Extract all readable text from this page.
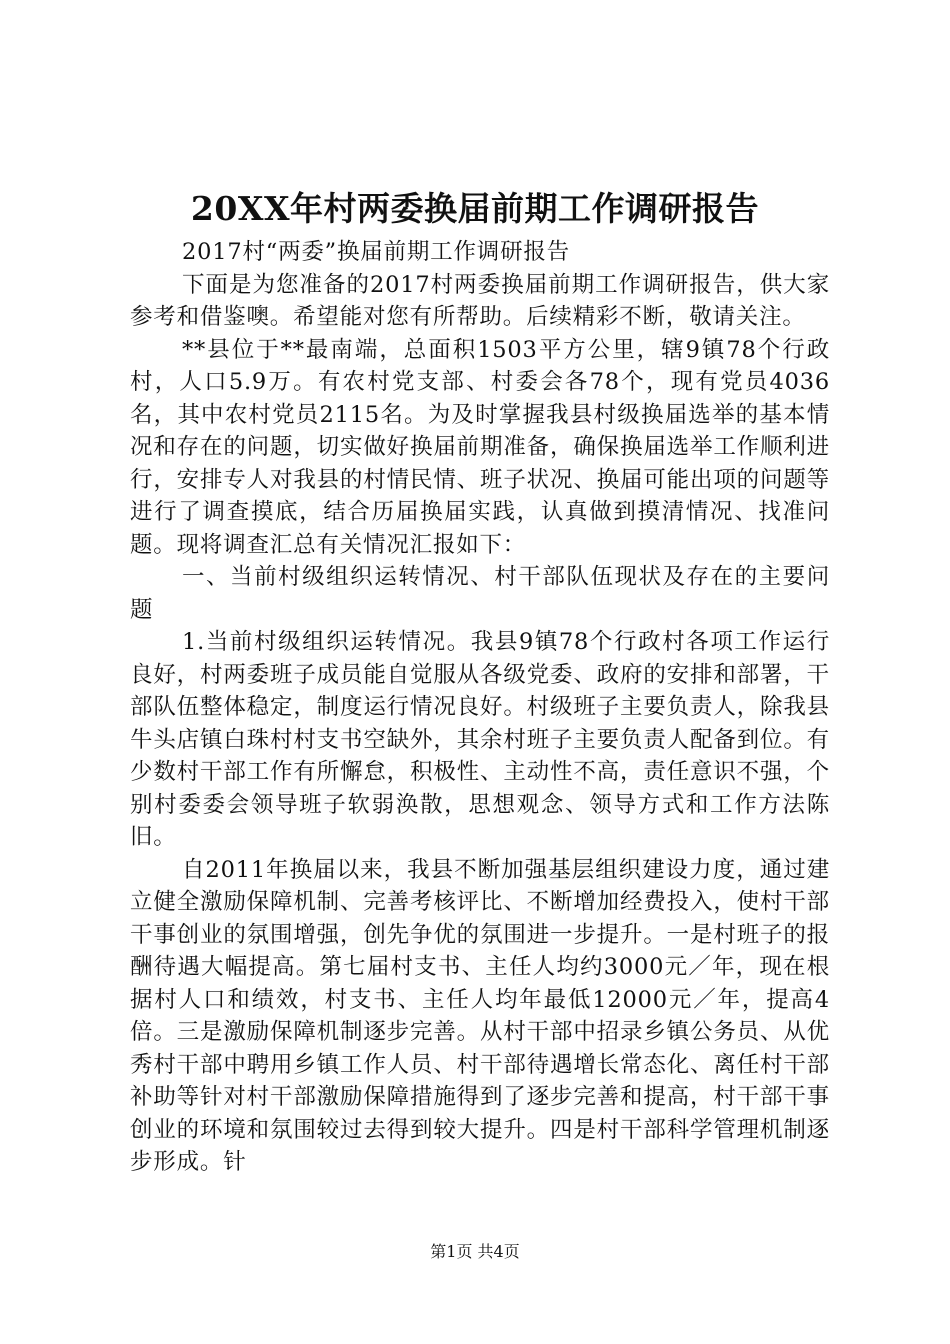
20XX年村两委换届前期工作调研报告

2017村“两委”换届前期工作调研报告

下面是为您准备的2017村两委换届前期工作调研报告，供大家参考和借鉴噢。希望能对您有所帮助。后续精彩不断，敬请关注。

**县位于**最南端，总面积1503平方公里，辖9镇78个行政村，人口5.9万。有农村党支部、村委会各78个，现有党员4036名，其中农村党员2115名。为及时掌握我县村级换届选举的基本情况和存在的问题，切实做好换届前期准备，确保换届选举工作顺利进行，安排专人对我县的村情民情、班子状况、换届可能出项的问题等进行了调查摸底，结合历届换届实践，认真做到摸清情况、找准问题。现将调查汇总有关情况汇报如下：

一、当前村级组织运转情况、村干部队伍现状及存在的主要问题

1.当前村级组织运转情况。我县9镇78个行政村各项工作运行良好，村两委班子成员能自觉服从各级党委、政府的安排和部署，干部队伍整体稳定，制度运行情况良好。村级班子主要负责人，除我县牛头店镇白珠村村支书空缺外，其余村班子主要负责人配备到位。有少数村干部工作有所懈怠，积极性、主动性不高，责任意识不强，个别村委委会领导班子软弱涣散，思想观念、领导方式和工作方法陈旧。

自2011年换届以来，我县不断加强基层组织建设力度，通过建立健全激励保障机制、完善考核评比、不断增加经费投入，使村干部干事创业的氛围增强，创先争优的氛围进一步提升。一是村班子的报酬待遇大幅提高。第七届村支书、主任人均约3000元／年，现在根据村人口和绩效，村支书、主任人均年最低12000元／年，提高4倍。三是激励保障机制逐步完善。从村干部中招录乡镇公务员、从优秀村干部中聘用乡镇工作人员、村干部待遇增长常态化、离任村干部补助等针对村干部激励保障措施得到了逐步完善和提高，村干部干事创业的环境和氛围较过去得到较大提升。四是村干部科学管理机制逐步形成。针

第1页 共4页
